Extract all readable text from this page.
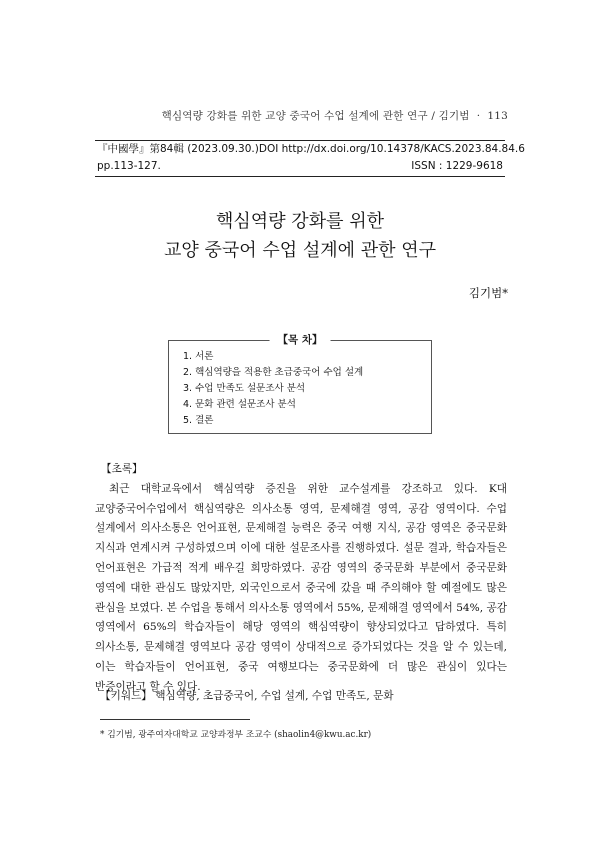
핵심역량 강화를 위한 교양 중국어 수업 설계에 관한 연구 / 김기범 · 113
『中國學』第84輯 (2023.09.30.) DOI http://dx.doi.org/10.14378/KACS.2023.84.84.6
pp.113-127.	ISSN : 1229-9618
핵심역량 강화를 위한
교양 중국어 수업 설계에 관한 연구
김기범*
【목 차】
1. 서론
2. 핵심역량을 적용한 초급중국어 수업 설계
3. 수업 만족도 설문조사 분석
4. 문화 관련 설문조사 분석
5. 결론
【초록】

최근 대학교육에서 핵심역량 증진을 위한 교수설계를 강조하고 있다. K대 교양중국어수업에서 핵심역량은 의사소통 영역, 문제해결 영역, 공감 영역이다. 수업 설계에서 의사소통은 언어표현, 문제해결 능력은 중국 여행 지식, 공감 영역은 중국문화 지식과 연계시켜 구성하였으며 이에 대한 설문조사를 진행하였다. 설문 결과, 학습자들은 언어표현은 가급적 적게 배우길 희망하였다. 공감 영역의 중국문화 부분에서 중국문화 영역에 대한 관심도 많았지만, 외국인으로서 중국에 갔을 때 주의해야 할 예절에도 많은 관심을 보였다. 본 수업을 통해서 의사소통 영역에서 55%, 문제해결 영역에서 54%, 공감 영역에서 65%의 학습자들이 해당 영역의 핵심역량이 향상되었다고 답하였다. 특히 의사소통, 문제해결 영역보다 공감 영역이 상대적으로 증가되었다는 것을 알 수 있는데, 이는 학습자들이 언어표현, 중국 여행보다는 중국문화에 더 많은 관심이 있다는 반증이라고 할 수 있다.

【키워드】 핵심역량, 초급중국어, 수업 설계, 수업 만족도, 문화
* 김기범, 광주여자대학교 교양과정부 조교수 (shaolin4@kwu.ac.kr)
